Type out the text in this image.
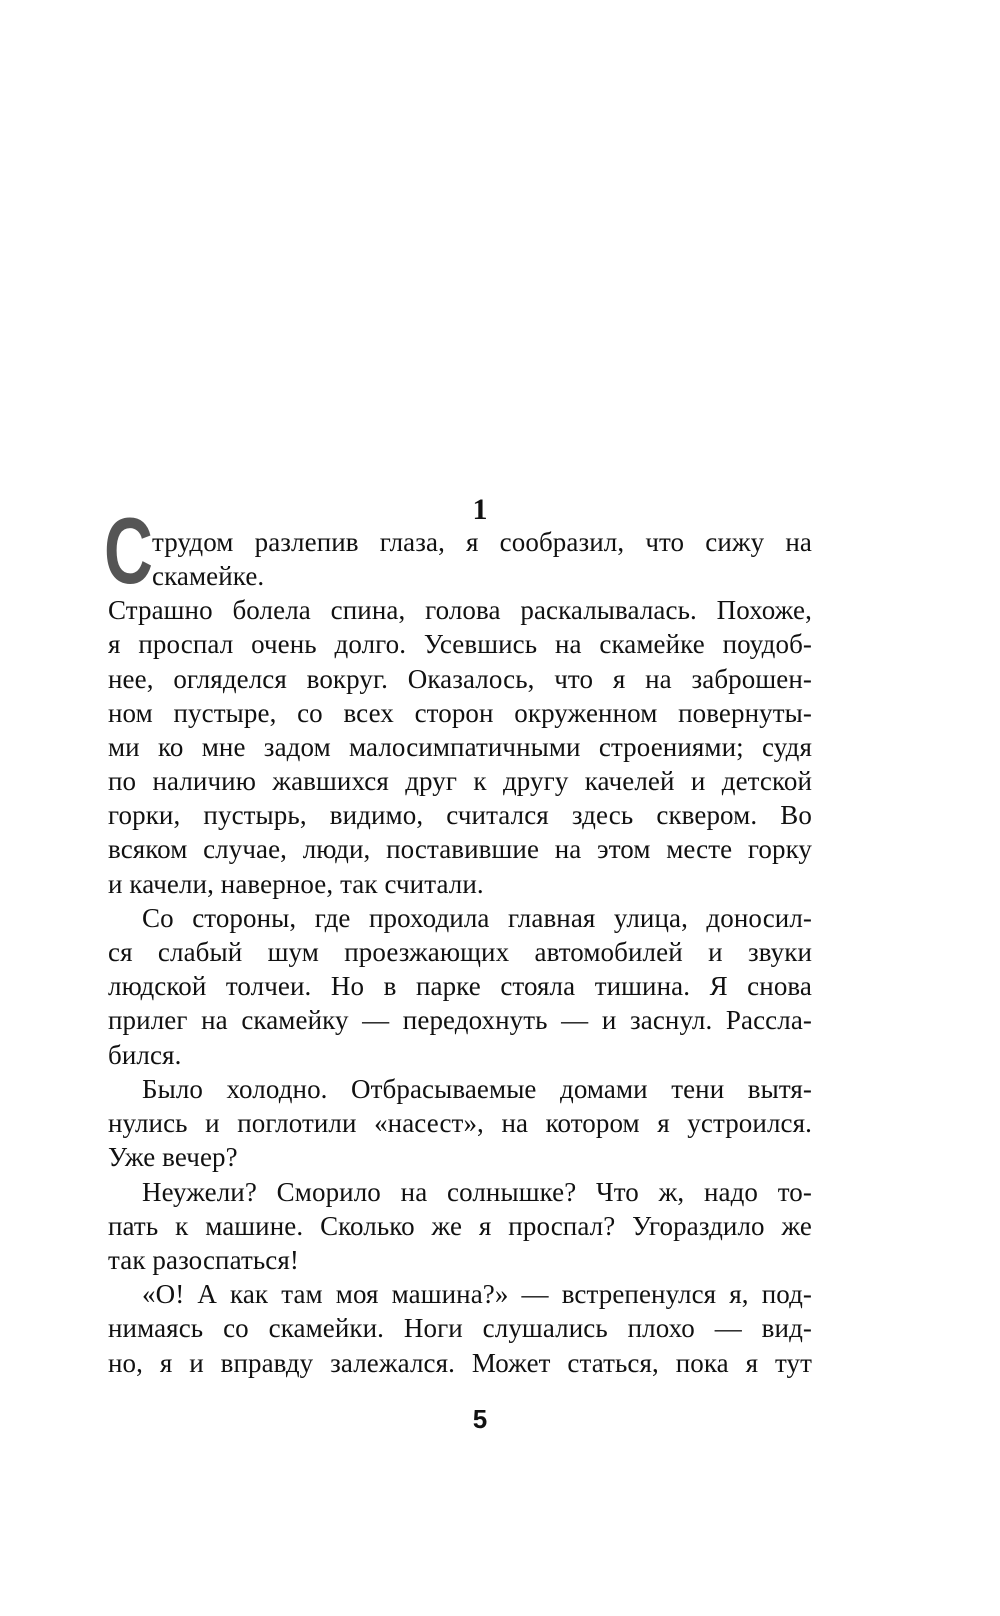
1
С трудом разлепив глаза, я сообразил, что сижу на
скамейке.
Страшно болела спина, голова раскалывалась. Похоже,
я проспал очень долго. Усевшись на скамейке поудоб-
нее, огляделся вокруг. Оказалось, что я на заброшен-
ном пустыре, со всех сторон окруженном повернуты-
ми ко мне задом малосимпатичными строениями; судя
по наличию жавшихся друг к другу качелей и детской
горки, пустырь, видимо, считался здесь сквером. Во
всяком случае, люди, поставившие на этом месте горку
и качели, наверное, так считали.
Со стороны, где проходила главная улица, доносил-
ся слабый шум проезжающих автомобилей и звуки
людской толчеи. Но в парке стояла тишина. Я снова
прилег на скамейку — передохнуть — и заснул. Рассла-
бился.
Было холодно. Отбрасываемые домами тени вытя-
нулись и поглотили «насест», на котором я устроился.
Уже вечер?
Неужели? Сморило на солнышке? Что ж, надо то-
пать к машине. Сколько же я проспал? Угораздило же
так разоспаться!
«О! А как там моя машина?» — встрепенулся я, под-
нимаясь со скамейки. Ноги слушались плохо — вид-
но, я и вправду залежался. Может статься, пока я тут
5
